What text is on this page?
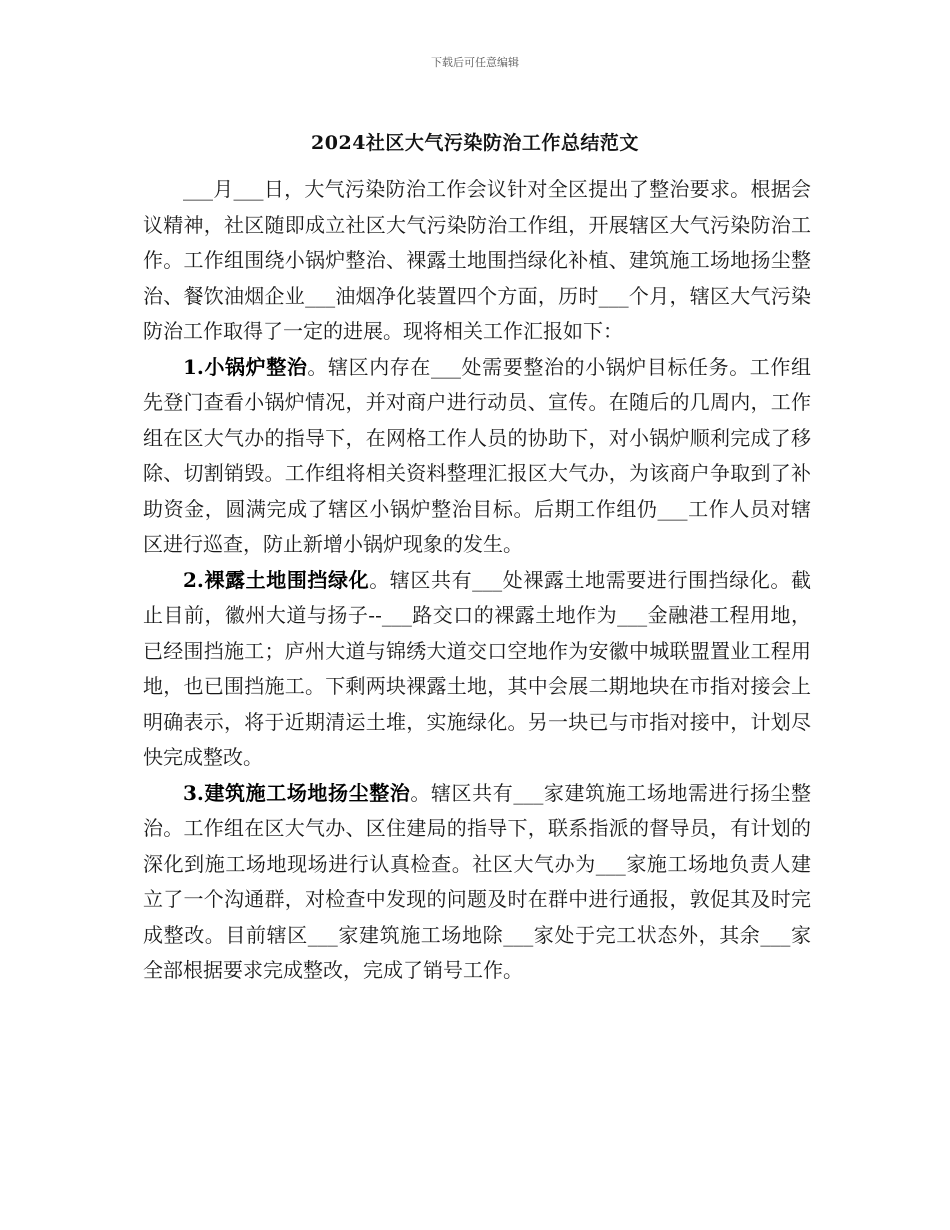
下载后可任意编辑
2024社区大气污染防治工作总结范文

___月___日，大气污染防治工作会议针对全区提出了整治要求。根据会议精神，社区随即成立社区大气污染防治工作组，开展辖区大气污染防治工作。工作组围绕小锅炉整治、裸露土地围挡绿化补植、建筑施工场地扬尘整治、餐饮油烟企业___油烟净化装置四个方面，历时___个月，辖区大气污染防治工作取得了一定的进展。现将相关工作汇报如下：

1.小锅炉整治。辖区内存在___处需要整治的小锅炉目标任务。工作组先登门查看小锅炉情况，并对商户进行动员、宣传。在随后的几周内，工作组在区大气办的指导下，在网格工作人员的协助下，对小锅炉顺利完成了移除、切割销毁。工作组将相关资料整理汇报区大气办，为该商户争取到了补助资金，圆满完成了辖区小锅炉整治目标。后期工作组仍___工作人员对辖区进行巡查，防止新增小锅炉现象的发生。

2.裸露土地围挡绿化。辖区共有___处裸露土地需要进行围挡绿化。截止目前，徽州大道与扬子--___路交口的裸露土地作为___金融港工程用地，已经围挡施工；庐州大道与锦绣大道交口空地作为安徽中城联盟置业工程用地，也已围挡施工。下剩两块裸露土地，其中会展二期地块在市指对接会上明确表示，将于近期清运土堆，实施绿化。另一块已与市指对接中，计划尽快完成整改。

3.建筑施工场地扬尘整治。辖区共有___家建筑施工场地需进行扬尘整治。工作组在区大气办、区住建局的指导下，联系指派的督导员，有计划的深化到施工场地现场进行认真检查。社区大气办为___家施工场地负责人建立了一个沟通群，对检查中发现的问题及时在群中进行通报，敦促其及时完成整改。目前辖区___家建筑施工场地除___家处于完工状态外，其余___家全部根据要求完成整改，完成了销号工作。
